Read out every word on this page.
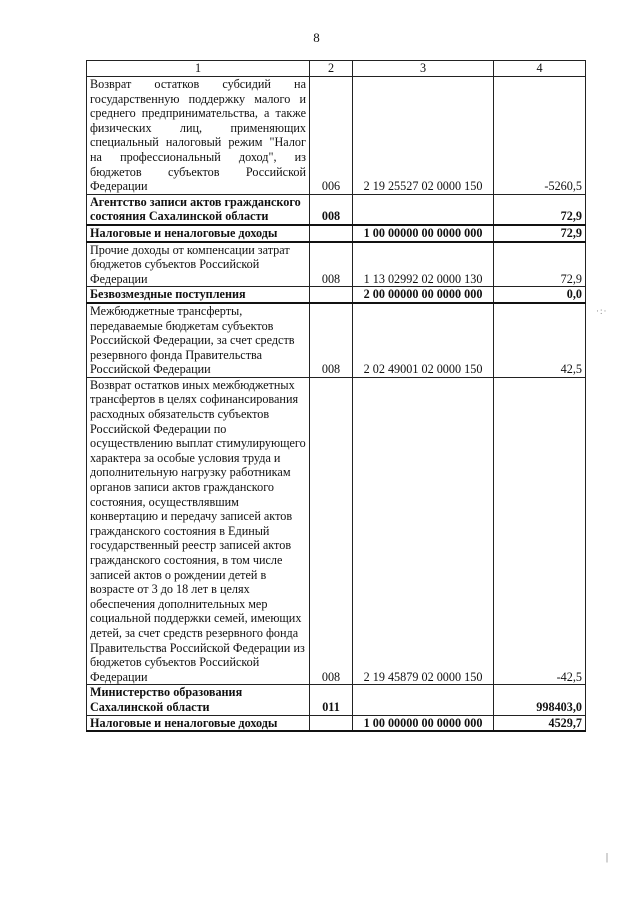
8
1	2	3	4
Возврат остатков субсидий на государственную поддержку малого и среднего предпринимательства, а также физических лиц, применяющих специальный налоговый режим "Налог на профессиональный доход", из бюджетов субъектов Российской Федерации	006	2 19 25527 02 0000 150	-5260,5
Агентство записи актов гражданского состояния Сахалинской области	008		72,9
Налоговые и неналоговые доходы		1 00 00000 00 0000 000	72,9
Прочие доходы от компенсации затрат бюджетов субъектов Российской Федерации	008	1 13 02992 02 0000 130	72,9
Безвозмездные поступления		2 00 00000 00 0000 000	0,0
Межбюджетные трансферты, передаваемые бюджетам субъектов Российской Федерации, за счет средств резервного фонда Правительства Российской Федерации	008	2 02 49001 02 0000 150	42,5
Возврат остатков иных межбюджетных трансфертов в целях софинансирования расходных обязательств субъектов Российской Федерации по осуществлению выплат стимулирующего характера за особые условия труда и дополнительную нагрузку работникам органов записи актов гражданского состояния, осуществлявшим конвертацию и передачу записей актов гражданского состояния в Единый государственный реестр записей актов гражданского состояния, в том числе записей актов о рождении детей в возрасте от 3 до 18 лет в целях обеспечения дополнительных мер социальной поддержки семей, имеющих детей, за счет средств резервного фонда Правительства Российской Федерации из бюджетов субъектов Российской Федерации	008	2 19 45879 02 0000 150	-42,5
Министерство образования Сахалинской области	011		998403,0
Налоговые и неналоговые доходы		1 00 00000 00 0000 000	4529,7
·:·
|
